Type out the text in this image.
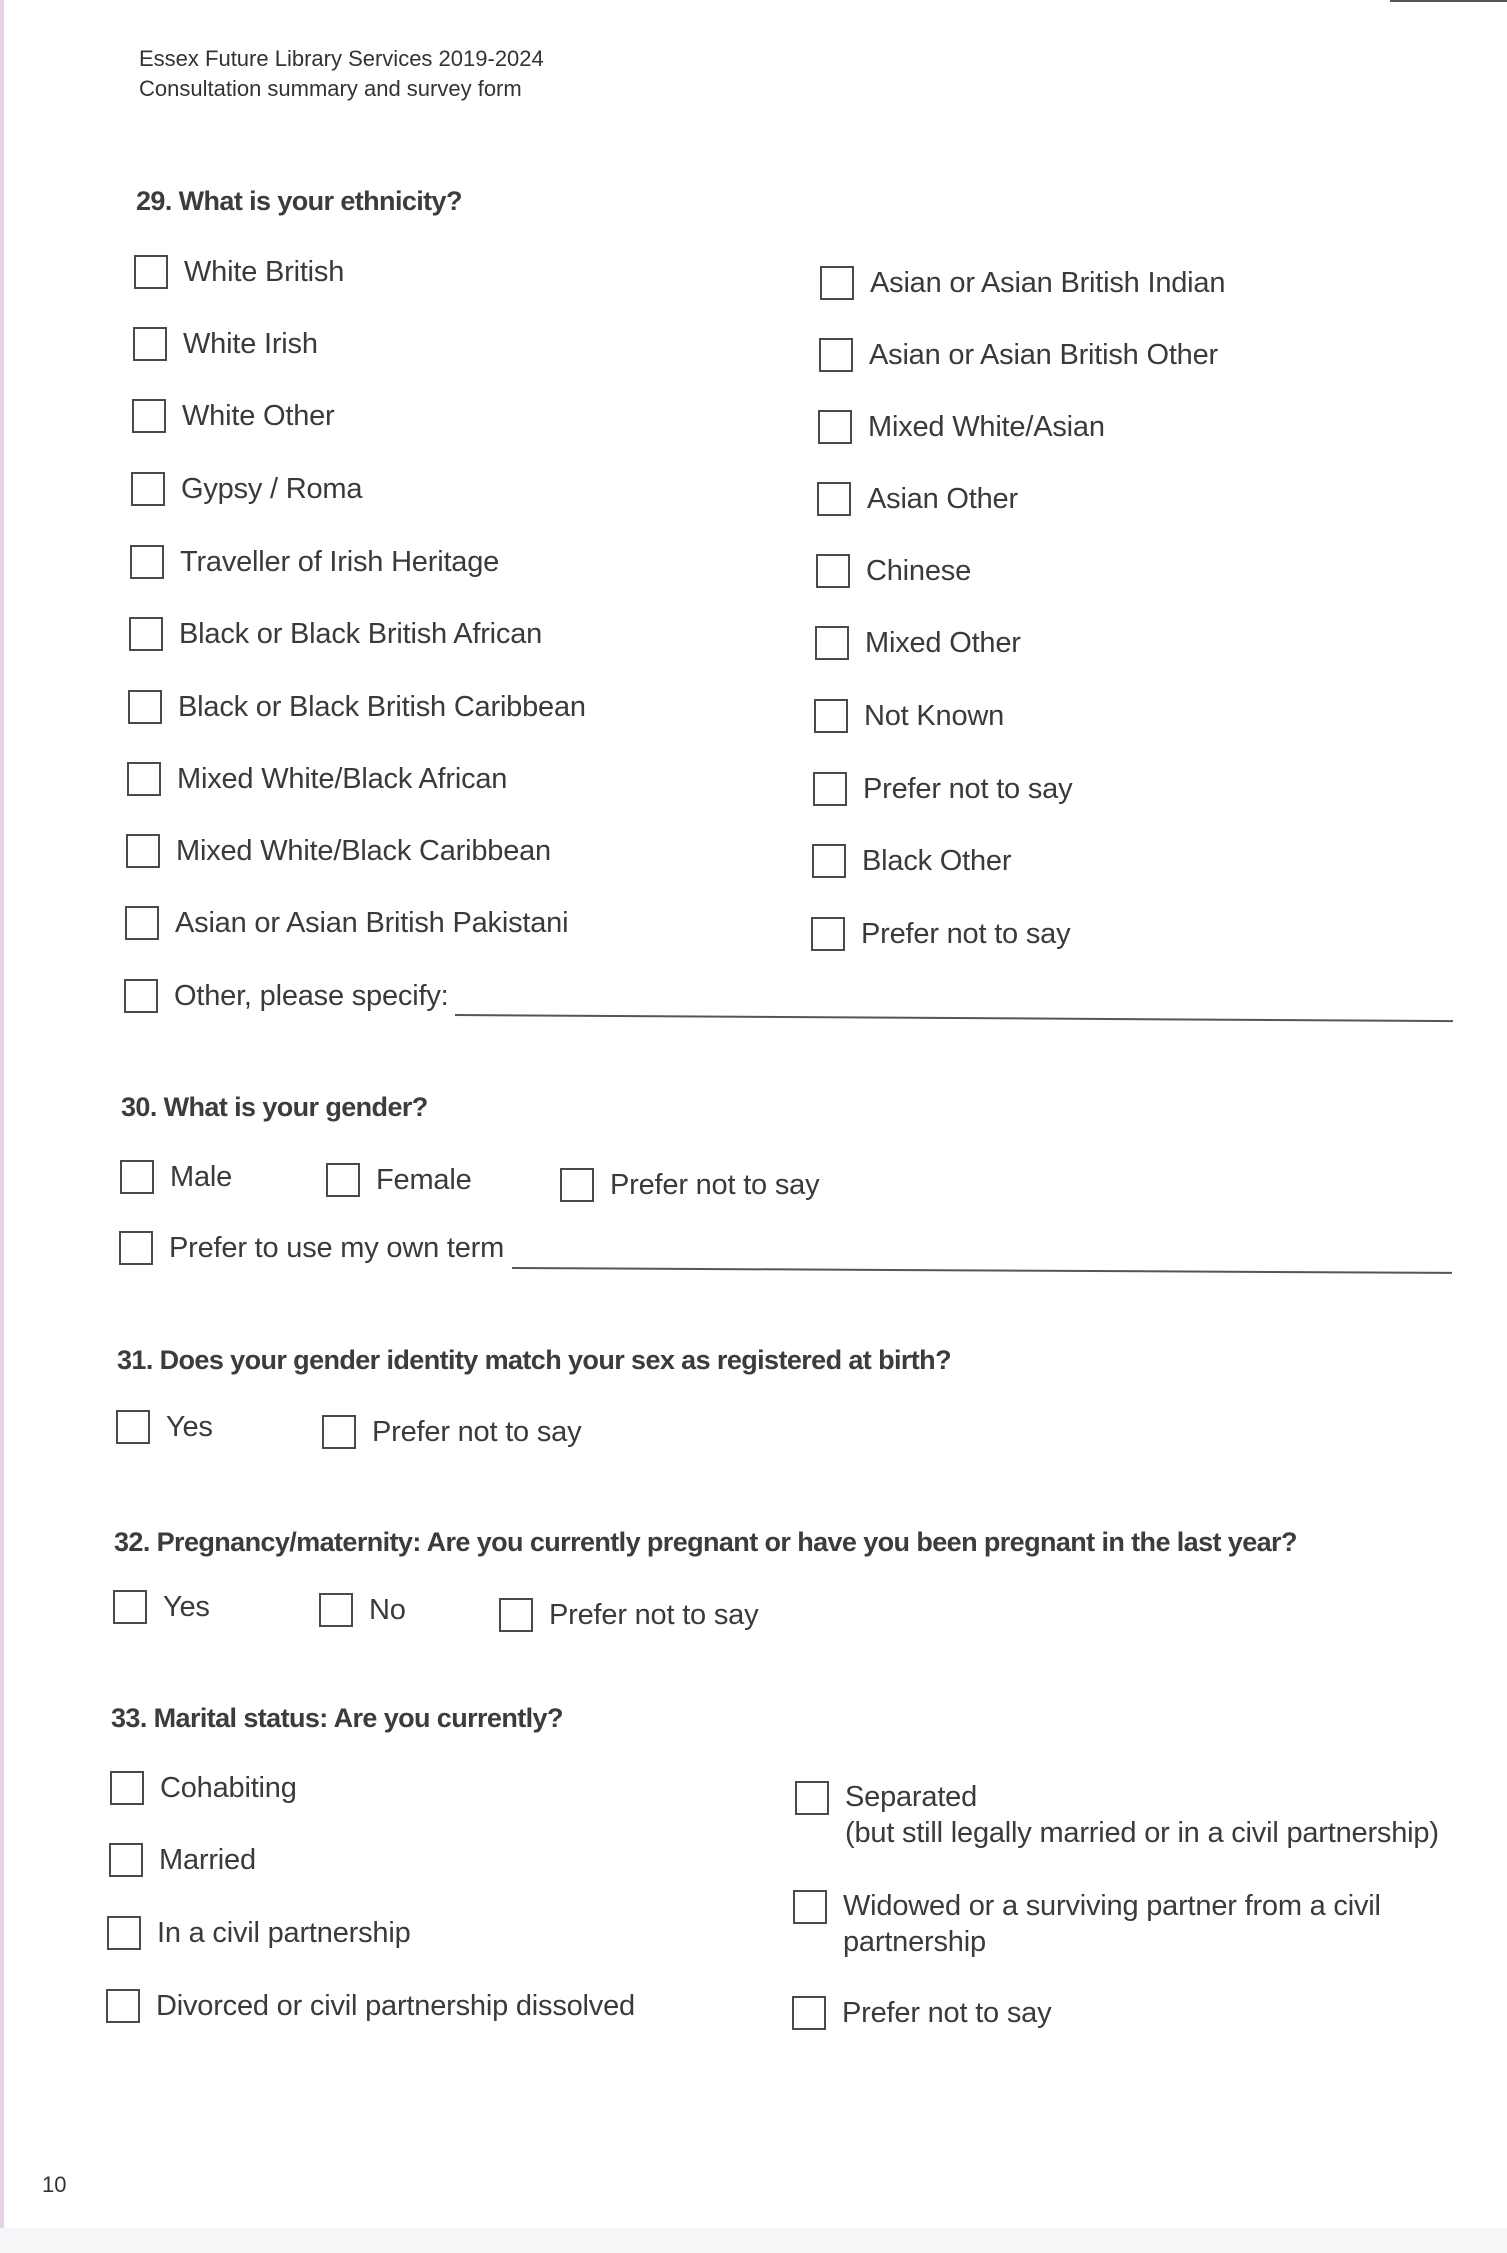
Essex Future Library Services 2019-2024
Consultation summary and survey form
29. What is your ethnicity?
White British
White Irish
White Other
Gypsy / Roma
Traveller of Irish Heritage
Black or Black British African
Black or Black British Caribbean
Mixed White/Black African
Mixed White/Black Caribbean
Asian or Asian British Pakistani
Asian or Asian British Indian
Asian or Asian British Other
Mixed White/Asian
Asian Other
Chinese
Mixed Other
Not Known
Prefer not to say
Black Other
Prefer not to say
Other, please specify:
30. What is your gender?
Male	Female	Prefer not to say
Prefer to use my own term
31. Does your gender identity match your sex as registered at birth?
Yes	Prefer not to say
32. Pregnancy/maternity: Are you currently pregnant or have you been pregnant in the last year?
Yes	No	Prefer not to say
33. Marital status: Are you currently?
Cohabiting
Married
In a civil partnership
Divorced or civil partnership dissolved
Separated
(but still legally married or in a civil partnership)
Widowed or a surviving partner from a civil
partnership
Prefer not to say
10
